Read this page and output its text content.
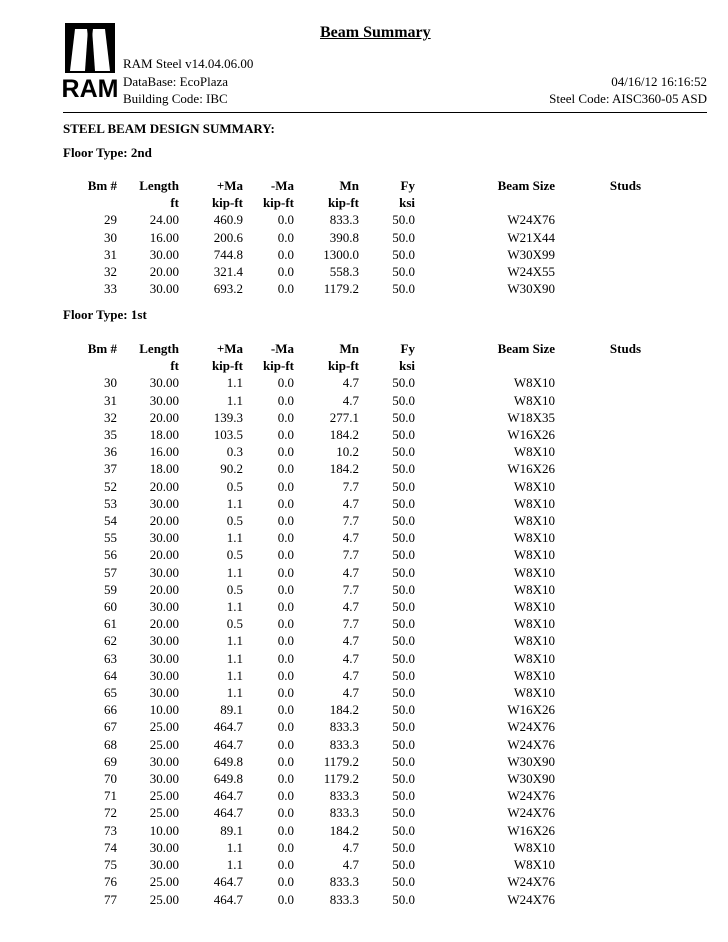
RAM
Beam Summary
RAM Steel v14.04.06.00
DataBase: EcoPlaza
Building Code: IBC
04/16/12 16:16:52
Steel Code: AISC360-05 ASD
STEEL BEAM DESIGN SUMMARY:
Floor Type: 2nd
Bm #	Length	+Ma	-Ma	Mn	Fy	Beam Size	Studs
	ft	kip-ft	kip-ft	kip-ft	ksi		
29	24.00	460.9	0.0	833.3	50.0	W24X76	
30	16.00	200.6	0.0	390.8	50.0	W21X44	
31	30.00	744.8	0.0	1300.0	50.0	W30X99	
32	20.00	321.4	0.0	558.3	50.0	W24X55	
33	30.00	693.2	0.0	1179.2	50.0	W30X90	
Floor Type: 1st
Bm #	Length	+Ma	-Ma	Mn	Fy	Beam Size	Studs
	ft	kip-ft	kip-ft	kip-ft	ksi		
30	30.00	1.1	0.0	4.7	50.0	W8X10	
31	30.00	1.1	0.0	4.7	50.0	W8X10	
32	20.00	139.3	0.0	277.1	50.0	W18X35	
35	18.00	103.5	0.0	184.2	50.0	W16X26	
36	16.00	0.3	0.0	10.2	50.0	W8X10	
37	18.00	90.2	0.0	184.2	50.0	W16X26	
52	20.00	0.5	0.0	7.7	50.0	W8X10	
53	30.00	1.1	0.0	4.7	50.0	W8X10	
54	20.00	0.5	0.0	7.7	50.0	W8X10	
55	30.00	1.1	0.0	4.7	50.0	W8X10	
56	20.00	0.5	0.0	7.7	50.0	W8X10	
57	30.00	1.1	0.0	4.7	50.0	W8X10	
59	20.00	0.5	0.0	7.7	50.0	W8X10	
60	30.00	1.1	0.0	4.7	50.0	W8X10	
61	20.00	0.5	0.0	7.7	50.0	W8X10	
62	30.00	1.1	0.0	4.7	50.0	W8X10	
63	30.00	1.1	0.0	4.7	50.0	W8X10	
64	30.00	1.1	0.0	4.7	50.0	W8X10	
65	30.00	1.1	0.0	4.7	50.0	W8X10	
66	10.00	89.1	0.0	184.2	50.0	W16X26	
67	25.00	464.7	0.0	833.3	50.0	W24X76	
68	25.00	464.7	0.0	833.3	50.0	W24X76	
69	30.00	649.8	0.0	1179.2	50.0	W30X90	
70	30.00	649.8	0.0	1179.2	50.0	W30X90	
71	25.00	464.7	0.0	833.3	50.0	W24X76	
72	25.00	464.7	0.0	833.3	50.0	W24X76	
73	10.00	89.1	0.0	184.2	50.0	W16X26	
74	30.00	1.1	0.0	4.7	50.0	W8X10	
75	30.00	1.1	0.0	4.7	50.0	W8X10	
76	25.00	464.7	0.0	833.3	50.0	W24X76	
77	25.00	464.7	0.0	833.3	50.0	W24X76	
